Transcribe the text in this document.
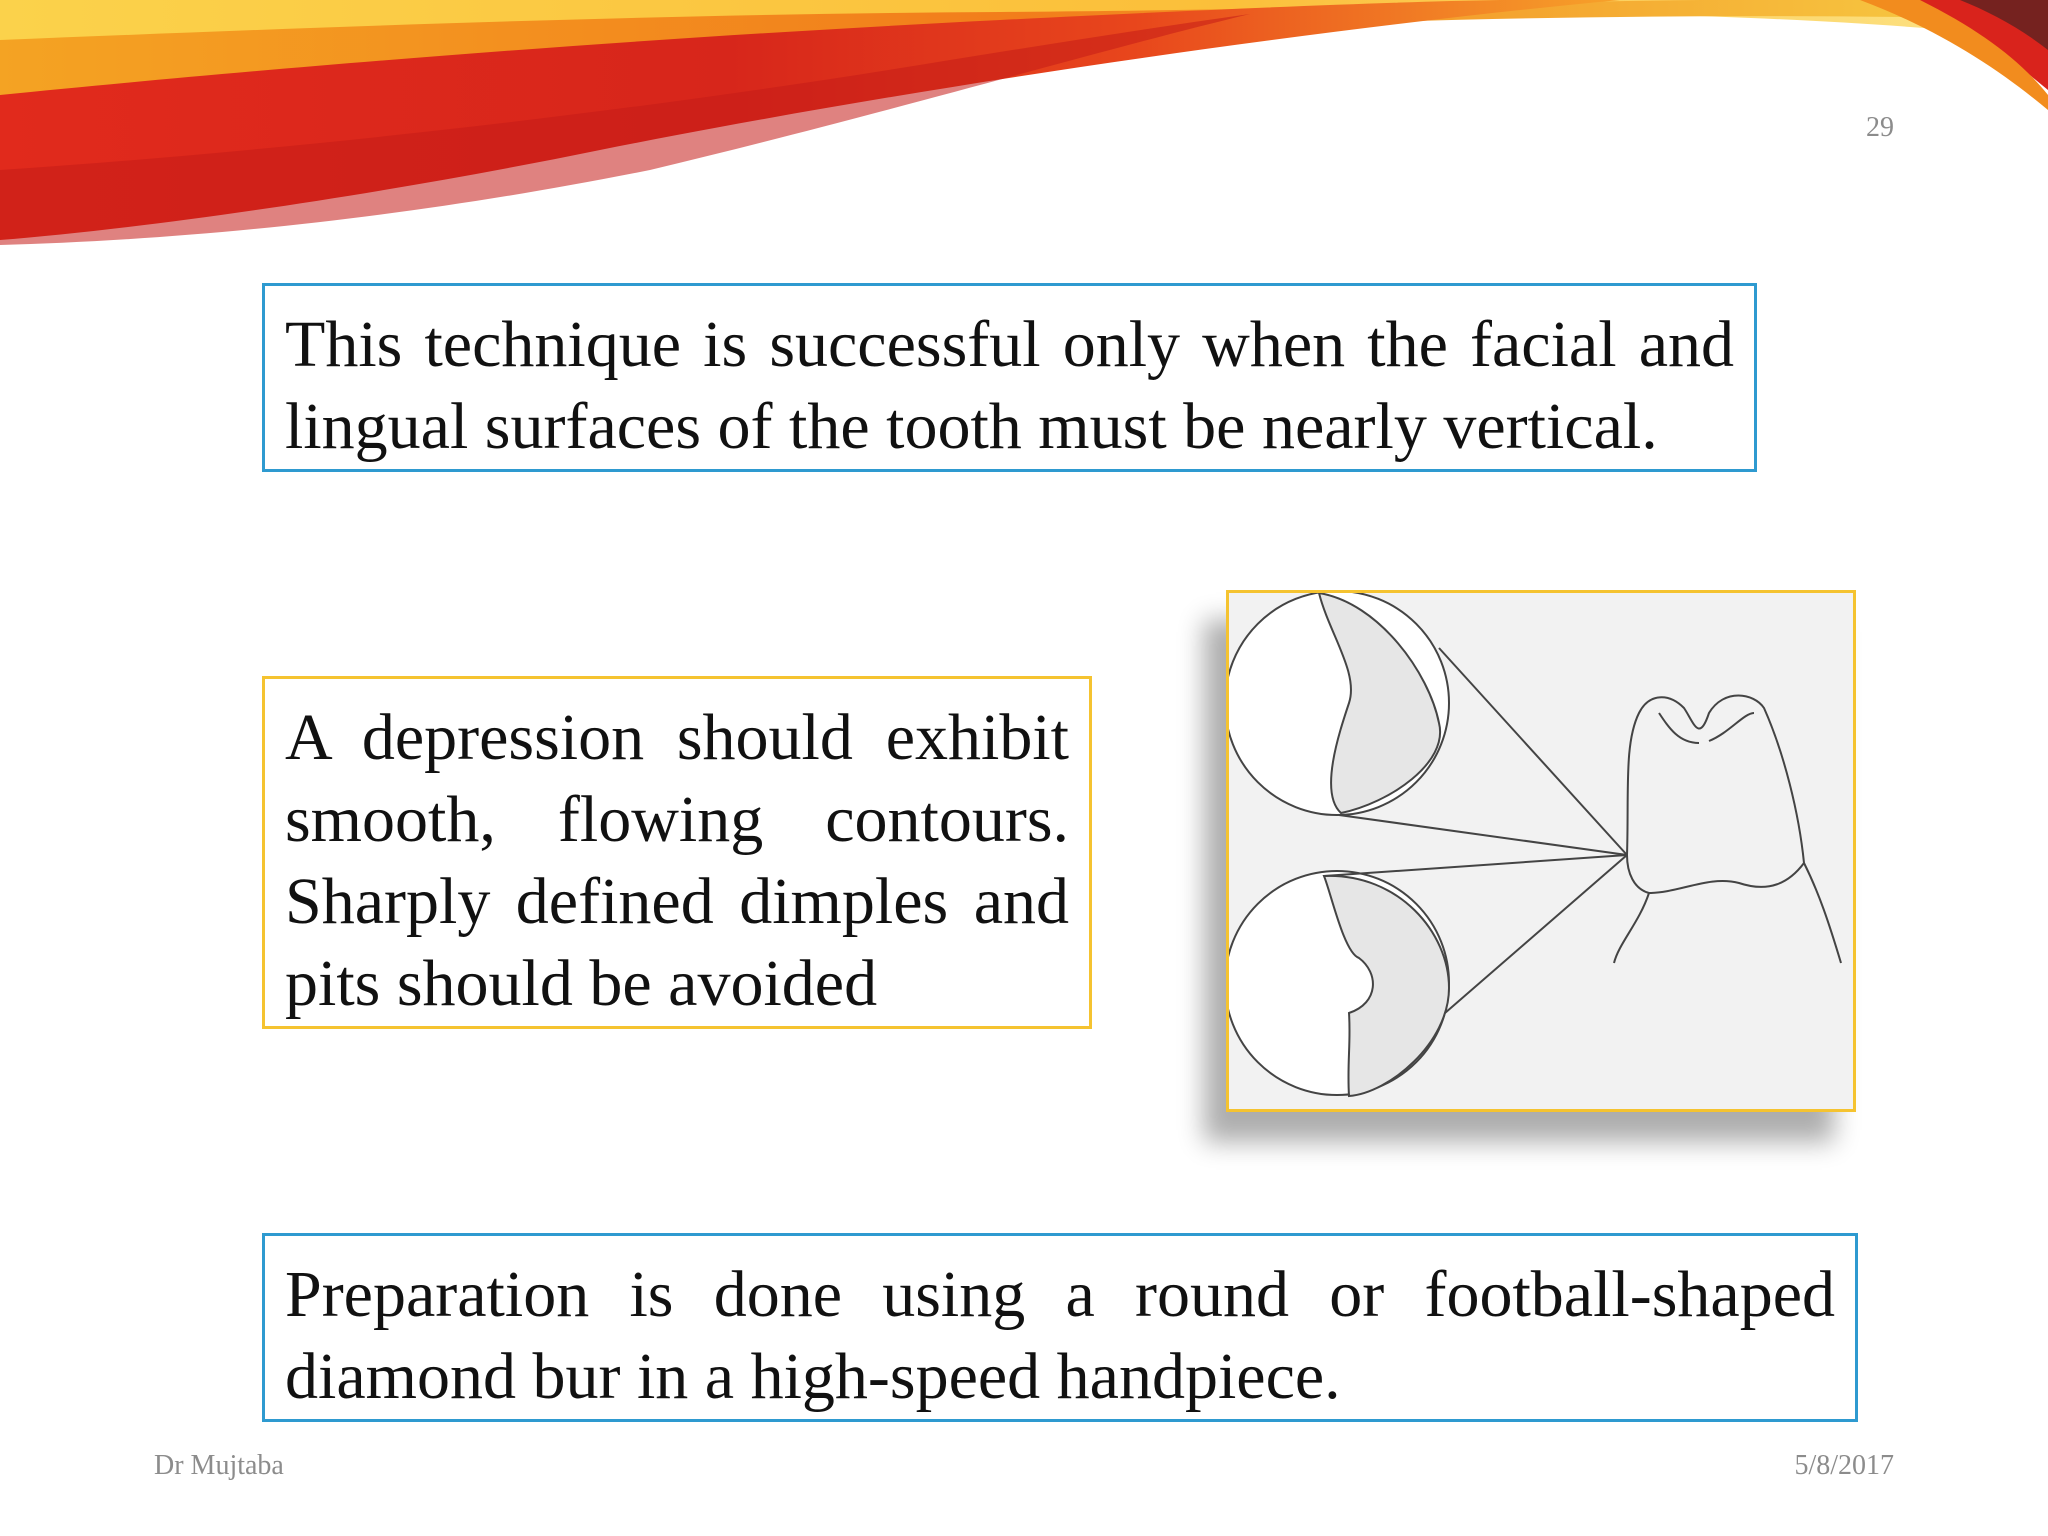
29
This technique is successful only when the facial and lingual surfaces of the tooth must be nearly vertical.
A depression should exhibit smooth, flowing contours. Sharply defined dimples and pits should be avoided
Preparation is done using a round or football-shaped diamond bur in a high-speed handpiece.
Dr Mujtaba	5/8/2017
